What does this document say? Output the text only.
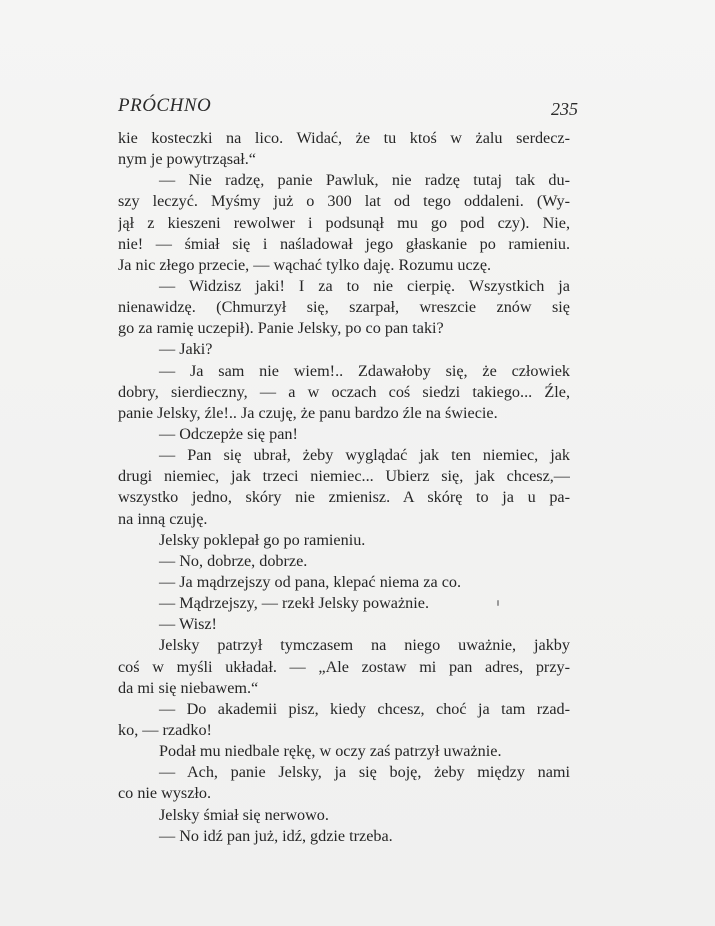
PRÓCHNO	235
kie kosteczki na lico. Widać, że tu ktoś w żalu serdecz-
nym je powytrząsał.“
— Nie radzę, panie Pawluk, nie radzę tutaj tak du-
szy leczyć. Myśmy już o 300 lat od tego oddaleni. (Wy-
jął z kieszeni rewolwer i podsunął mu go pod czy). Nie,
nie! — śmiał się i naśladował jego głaskanie po ramieniu.
Ja nic złego przecie, — wąchać tylko daję. Rozumu uczę.
— Widzisz jaki! I za to nie cierpię. Wszystkich ja
nienawidzę. (Chmurzył się, szarpał, wreszcie znów się
go za ramię uczepił). Panie Jelsky, po co pan taki?
— Jaki?
— Ja sam nie wiem!.. Zdawałoby się, że człowiek
dobry, sierdieczny, — a w oczach coś siedzi takiego... Źle,
panie Jelsky, źle!.. Ja czuję, że panu bardzo źle na świecie.
— Odczepże się pan!
— Pan się ubrał, żeby wyglądać jak ten niemiec, jak
drugi niemiec, jak trzeci niemiec... Ubierz się, jak chcesz,—
wszystko jedno, skóry nie zmienisz. A skórę to ja u pa-
na inną czuję.
Jelsky poklepał go po ramieniu.
— No, dobrze, dobrze.
— Ja mądrzejszy od pana, klepać niema za co.
— Mądrzejszy, — rzekł Jelsky poważnie.
— Wisz!
Jelsky patrzył tymczasem na niego uważnie, jakby
coś w myśli układał. — „Ale zostaw mi pan adres, przy-
da mi się niebawem.“
— Do akademii pisz, kiedy chcesz, choć ja tam rzad-
ko, — rzadko!
Podał mu niedbale rękę, w oczy zaś patrzył uważnie.
— Ach, panie Jelsky, ja się boję, żeby między nami
co nie wyszło.
Jelsky śmiał się nerwowo.
— No idź pan już, idź, gdzie trzeba.
